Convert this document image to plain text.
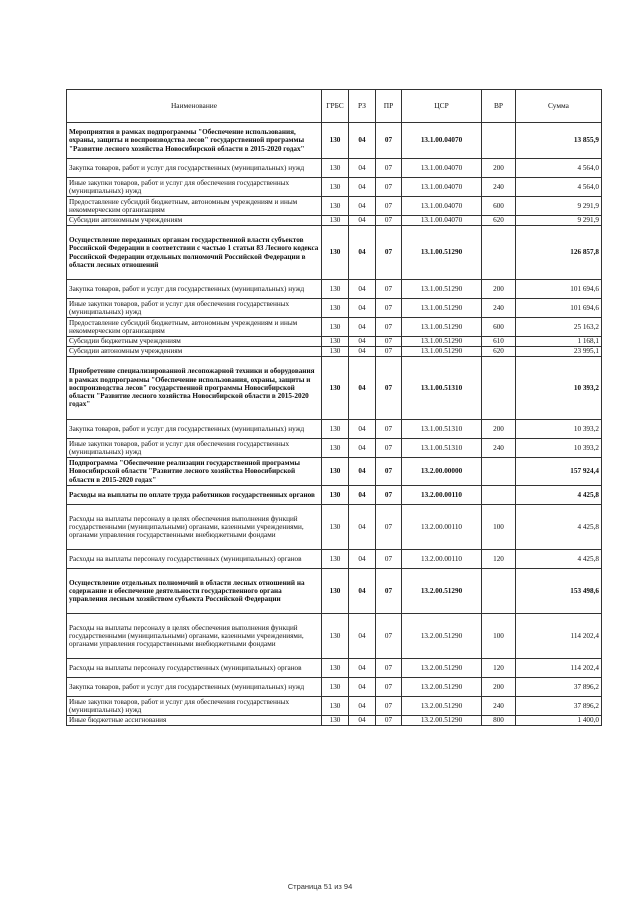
Наименование	ГРБС	РЗ	ПР	ЦСР	ВР	Сумма
Мероприятия в рамках подпрограммы "Обеспечение использования, охраны, защиты и воспроизводства лесов" государственной программы "Развитие лесного хозяйства Новосибирской области в 2015-2020 годах"	130	04	07	13.1.00.04070		13 855,9
Закупка товаров, работ и услуг для государственных (муниципальных) нужд	130	04	07	13.1.00.04070	200	4 564,0
Иные закупки товаров, работ и услуг для обеспечения государственных (муниципальных) нужд	130	04	07	13.1.00.04070	240	4 564,0
Предоставление субсидий бюджетным, автономным учреждениям и иным некоммерческим организациям	130	04	07	13.1.00.04070	600	9 291,9
Субсидии автономным учреждениям	130	04	07	13.1.00.04070	620	9 291,9
Осуществление переданных органам государственной власти субъектов Российской Федерации в соответствии с частью 1 статьи 83 Лесного кодекса Российской Федерации отдельных полномочий Российской Федерации в области лесных отношений	130	04	07	13.1.00.51290		126 857,8
Закупка товаров, работ и услуг для государственных (муниципальных) нужд	130	04	07	13.1.00.51290	200	101 694,6
Иные закупки товаров, работ и услуг для обеспечения государственных (муниципальных) нужд	130	04	07	13.1.00.51290	240	101 694,6
Предоставление субсидий бюджетным, автономным учреждениям и иным некоммерческим организациям	130	04	07	13.1.00.51290	600	25 163,2
Субсидии бюджетным учреждениям	130	04	07	13.1.00.51290	610	1 168,1
Субсидии автономным учреждениям	130	04	07	13.1.00.51290	620	23 995,1
Приобретение специализированной лесопожарной техники и оборудования в рамках подпрограммы "Обеспечение использования, охраны, защиты и воспроизводства лесов" государственной программы Новосибирской области "Развитие лесного хозяйства Новосибирской области в 2015-2020 годах"	130	04	07	13.1.00.51310		10 393,2
Закупка товаров, работ и услуг для государственных (муниципальных) нужд	130	04	07	13.1.00.51310	200	10 393,2
Иные закупки товаров, работ и услуг для обеспечения государственных (муниципальных) нужд	130	04	07	13.1.00.51310	240	10 393,2
Подпрограмма "Обеспечение реализации государственной программы Новосибирской области "Развитие лесного хозяйства Новосибирской области в 2015-2020 годах"	130	04	07	13.2.00.00000		157 924,4
Расходы на выплаты по оплате труда работников государственных органов	130	04	07	13.2.00.00110		4 425,8
Расходы на выплаты персоналу в целях обеспечения выполнения функций государственными (муниципальными) органами, казенными учреждениями, органами управления государственными внебюджетными фондами	130	04	07	13.2.00.00110	100	4 425,8
Расходы на выплаты персоналу государственных (муниципальных) органов	130	04	07	13.2.00.00110	120	4 425,8
Осуществление отдельных полномочий в области лесных отношений на содержание и обеспечение деятельности государственного органа управления лесным хозяйством субъекта Российской Федерации	130	04	07	13.2.00.51290		153 498,6
Расходы на выплаты персоналу в целях обеспечения выполнения функций государственными (муниципальными) органами, казенными учреждениями, органами управления государственными внебюджетными фондами	130	04	07	13.2.00.51290	100	114 202,4
Расходы на выплаты персоналу государственных (муниципальных) органов	130	04	07	13.2.00.51290	120	114 202,4
Закупка товаров, работ и услуг для государственных (муниципальных) нужд	130	04	07	13.2.00.51290	200	37 896,2
Иные закупки товаров, работ и услуг для обеспечения государственных (муниципальных) нужд	130	04	07	13.2.00.51290	240	37 896,2
Иные бюджетные ассигнования	130	04	07	13.2.00.51290	800	1 400,0
Страница 51 из 94
